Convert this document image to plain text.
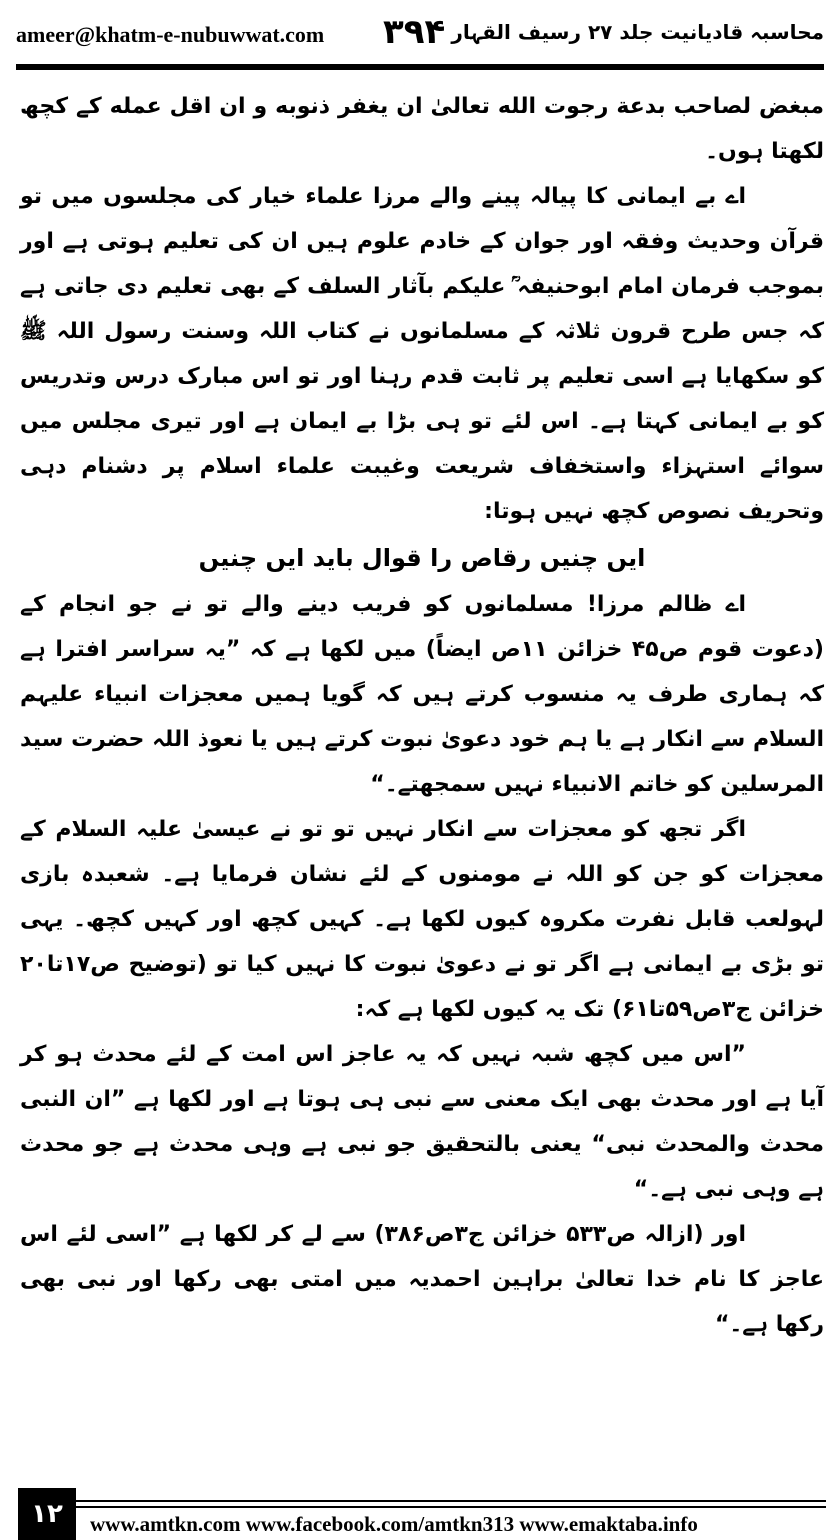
ameer@khatm-e-nubuwwat.com ۳۹۴ محاسبہ قادیانیت جلد ۲۷ رسیف القہار

مبغض لصاحب بدعة رجوت الله تعالىٰ ان يغفر ذنوبه و ان اقل عمله کے کچھ لکھتا ہوں۔

اے بے ایمانی کا پیالہ پینے والے مرزا علماء خیار کی مجلسوں میں تو قرآن وحدیث وفقہ اور جوان کے خادم علوم ہیں ان کی تعلیم ہوتی ہے اور بموجب فرمان امام ابوحنیفہ ؒ عليكم بآثار السلف کے بھی تعلیم دی جاتی ہے کہ جس طرح قرون ثلاثہ کے مسلمانوں نے کتاب اللہ وسنت رسول اللہ ﷺ کو سکھایا ہے اسی تعلیم پر ثابت قدم رہنا اور تو اس مبارک درس وتدریس کو بے ایمانی کہتا ہے۔ اس لئے تو ہی بڑا بے ایمان ہے اور تیری مجلس میں سوائے استہزاء واستخفاف شریعت وغیبت علماء اسلام پر دشنام دہی وتحریف نصوص کچھ نہیں ہوتا:

ایں چنیں رقاص را قوال باید ایں چنیں

اے ظالم مرزا! مسلمانوں کو فریب دینے والے تو نے جو انجام کے (دعوت قوم ص۴۵ خزائن ۱۱ص ایضاً) میں لکھا ہے کہ ”یہ سراسر افترا ہے کہ ہماری طرف یہ منسوب کرتے ہیں کہ گویا ہمیں معجزات انبیاء علیہم السلام سے انکار ہے یا ہم خود دعویٰ نبوت کرتے ہیں یا نعوذ اللہ حضرت سید المرسلین کو خاتم الانبیاء نہیں سمجھتے۔“

اگر تجھ کو معجزات سے انکار نہیں تو تو نے عیسیٰ علیہ السلام کے معجزات کو جن کو اللہ نے مومنوں کے لئے نشان فرمایا ہے۔ شعبدہ بازی لہولعب قابل نفرت مکروہ کیوں لکھا ہے۔ کہیں کچھ اور کہیں کچھ۔ یہی تو بڑی بے ایمانی ہے اگر تو نے دعویٰ نبوت کا نہیں کیا تو (توضیح ص۱۷تا۲۰ خزائن ج۳ص۵۹تا۶۱) تک یہ کیوں لکھا ہے کہ:

”اس میں کچھ شبہ نہیں کہ یہ عاجز اس امت کے لئے محدث ہو کر آیا ہے اور محدث بھی ایک معنی سے نبی ہی ہوتا ہے اور لکھا ہے ”ان النبی محدث والمحدث نبی“ یعنی بالتحقیق جو نبی ہے وہی محدث ہے جو محدث ہے وہی نبی ہے۔“

اور (ازالہ ص۵۳۳ خزائن ج۳ص۳۸۶) سے لے کر لکھا ہے ”اسی لئے اس عاجز کا نام خدا تعالیٰ براہین احمدیہ میں امتی بھی رکھا اور نبی بھی رکھا ہے۔“

۱۲	www.amtkn.com www.facebook.com/amtkn313 www.emaktaba.info
